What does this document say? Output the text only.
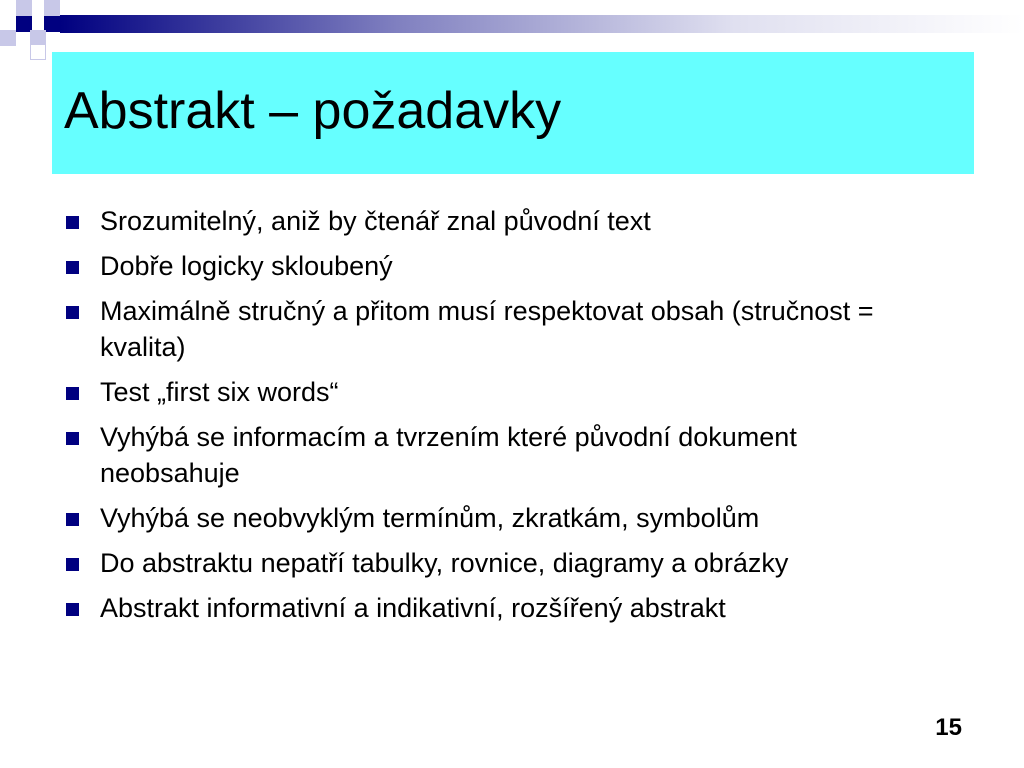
Abstrakt – požadavky
Srozumitelný, aniž by čtenář znal původní text
Dobře logicky skloubený
Maximálně stručný a přitom musí respektovat obsah (stručnost = kvalita)
Test „first six words“
Vyhýbá se informacím a tvrzením které původní dokument neobsahuje
Vyhýbá se neobvyklým termínům, zkratkám, symbolům
Do abstraktu nepatří tabulky, rovnice, diagramy a obrázky
Abstrakt informativní a indikativní, rozšířený abstrakt
15
